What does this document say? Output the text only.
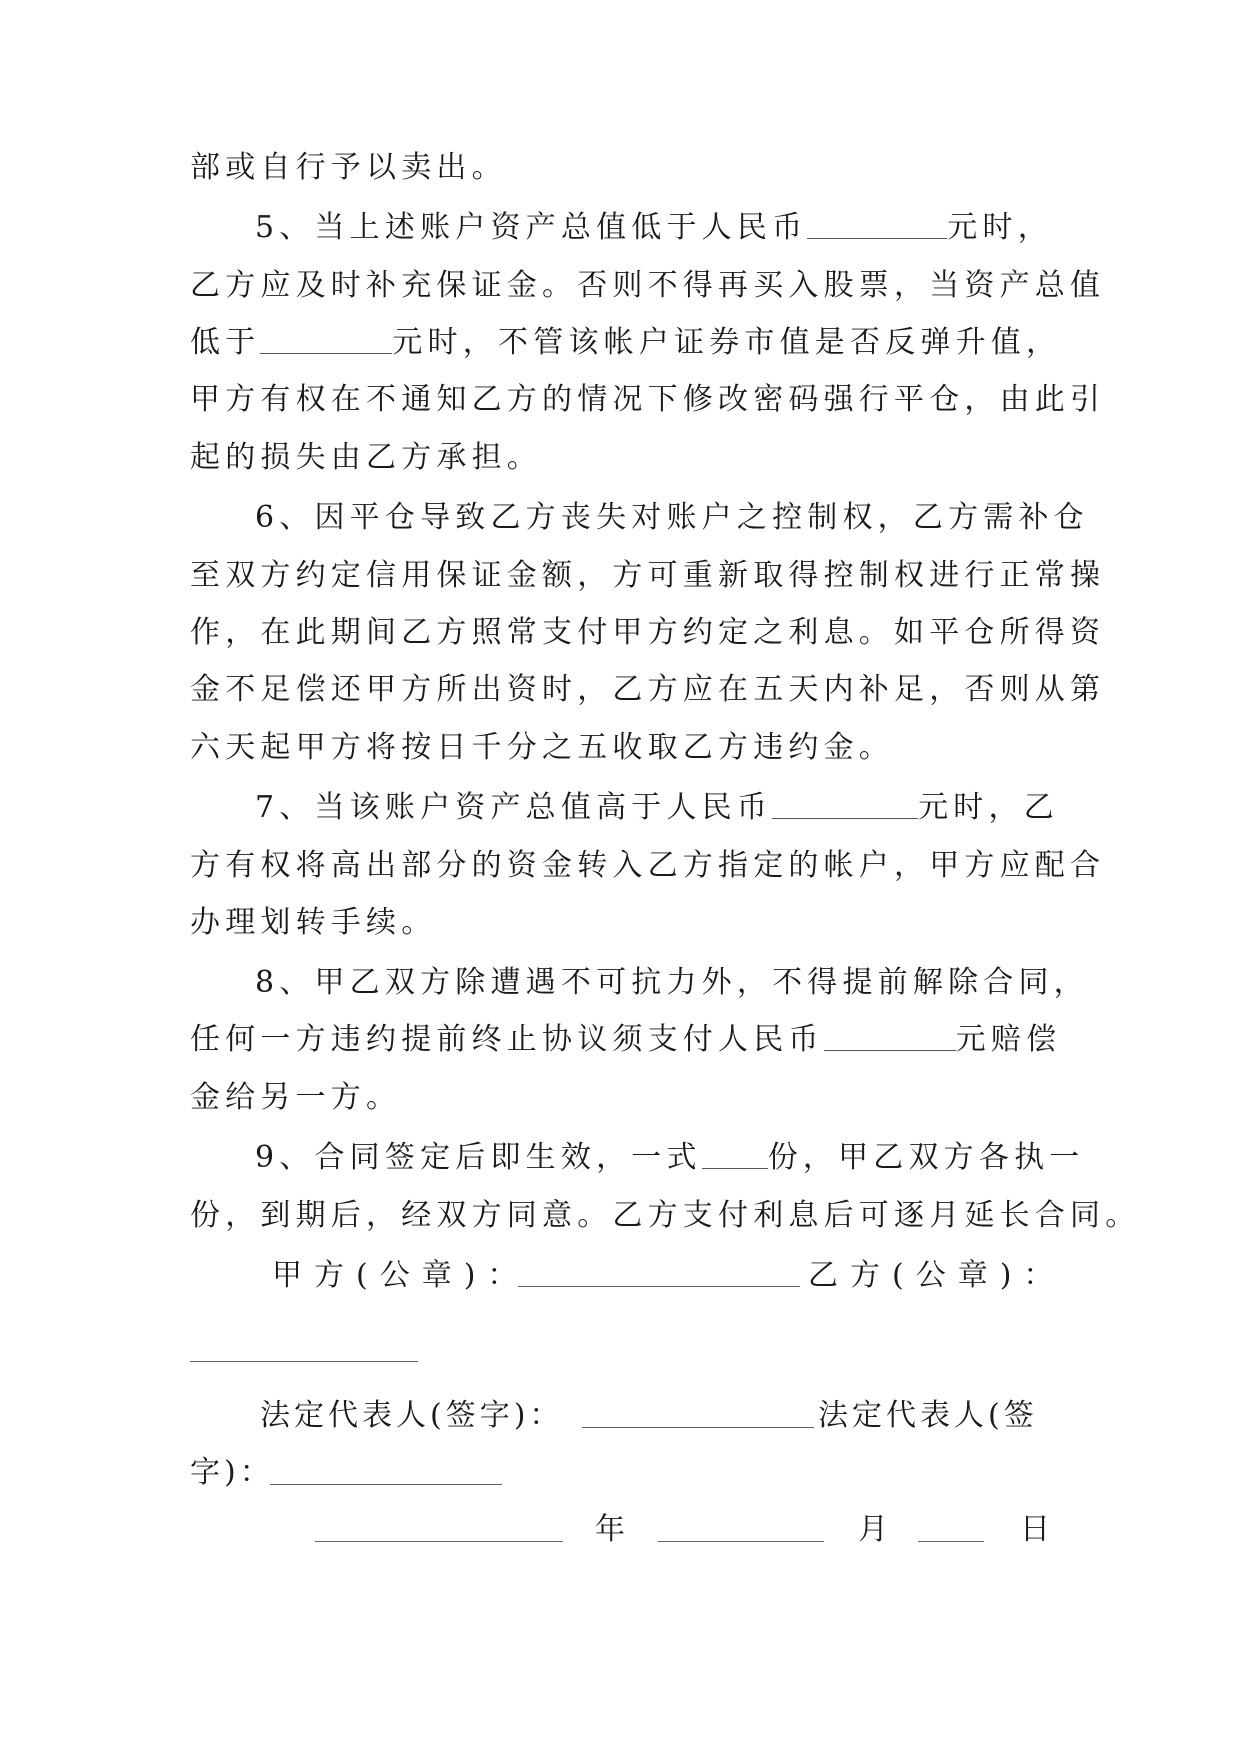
部或自行予以卖出。
5、当上述账户资产总值低于人民币	元时，
乙方应及时补充保证金。否则不得再买入股票，当资产总值
低于	元时，不管该帐户证券市值是否反弹升值，
甲方有权在不通知乙方的情况下修改密码强行平仓，由此引
起的损失由乙方承担。
6、因平仓导致乙方丧失对账户之控制权，乙方需补仓
至双方约定信用保证金额，方可重新取得控制权进行正常操
作，在此期间乙方照常支付甲方约定之利息。如平仓所得资
金不足偿还甲方所出资时，乙方应在五天内补足，否则从第
六天起甲方将按日千分之五收取乙方违约金。
7、当该账户资产总值高于人民币	元时，乙
方有权将高出部分的资金转入乙方指定的帐户，甲方应配合
办理划转手续。
8、甲乙双方除遭遇不可抗力外，不得提前解除合同，
任何一方违约提前终止协议须支付人民币	元赔偿
金给另一方。
9、合同签定后即生效，一式 份，甲乙双方各执一
份，到期后，经双方同意。乙方支付利息后可逐月延长合同。
甲方(公章)：	乙方(公章)：
法定代表人(签字)：	法定代表人(签
字)：
年	月	日
